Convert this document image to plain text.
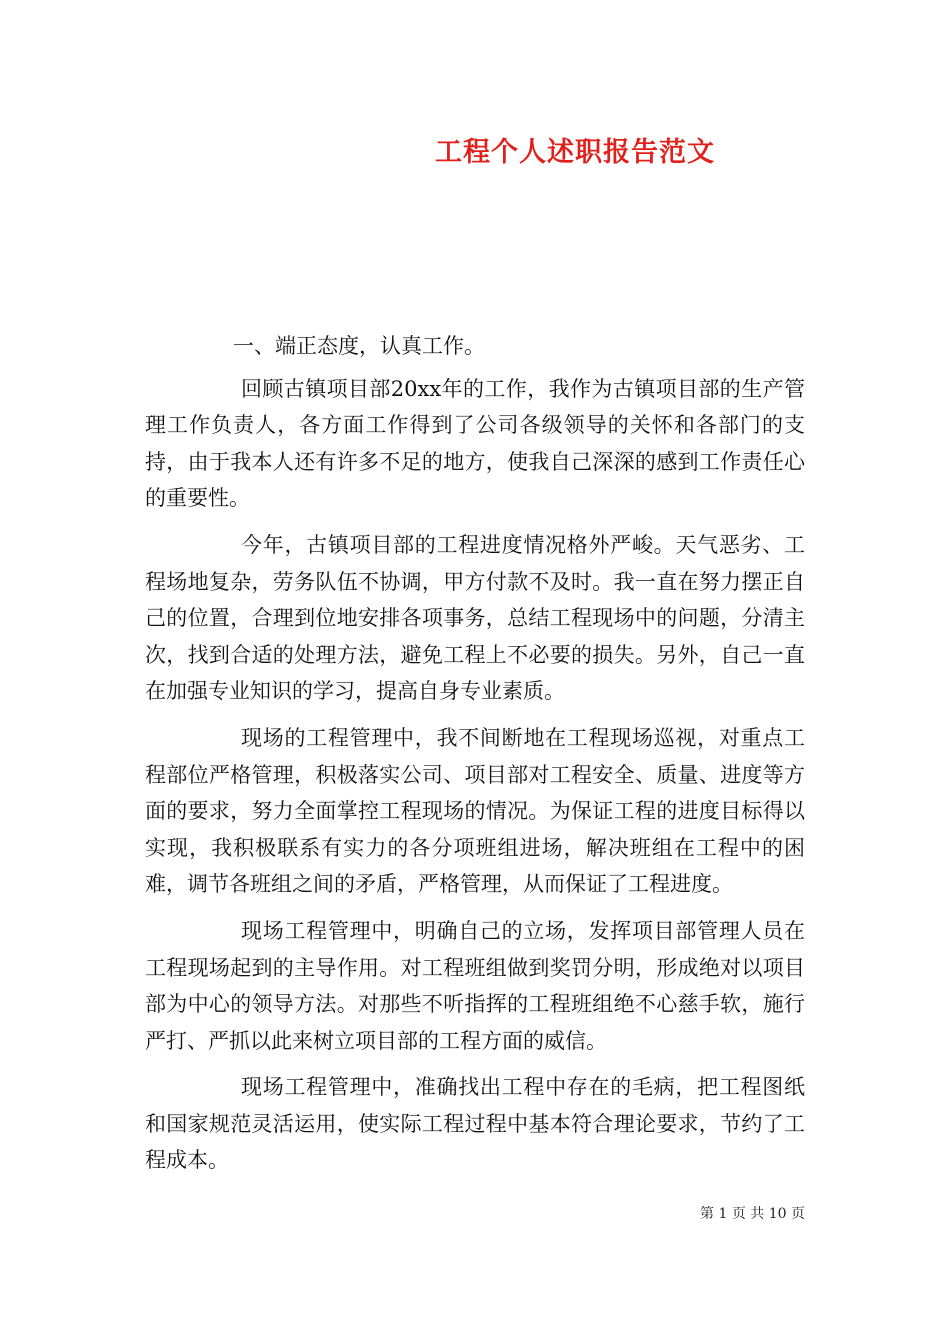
工程个人述职报告范文

一、端正态度，认真工作。

回顾古镇项目部20xx年的工作，我作为古镇项目部的生产管理工作负责人，各方面工作得到了公司各级领导的关怀和各部门的支持，由于我本人还有许多不足的地方，使我自己深深的感到工作责任心的重要性。

今年，古镇项目部的工程进度情况格外严峻。天气恶劣、工程场地复杂，劳务队伍不协调，甲方付款不及时。我一直在努力摆正自己的位置，合理到位地安排各项事务，总结工程现场中的问题，分清主次，找到合适的处理方法，避免工程上不必要的损失。另外，自己一直在加强专业知识的学习，提高自身专业素质。

现场的工程管理中，我不间断地在工程现场巡视，对重点工程部位严格管理，积极落实公司、项目部对工程安全、质量、进度等方面的要求，努力全面掌控工程现场的情况。为保证工程的进度目标得以实现，我积极联系有实力的各分项班组进场，解决班组在工程中的困难，调节各班组之间的矛盾，严格管理，从而保证了工程进度。

现场工程管理中，明确自己的立场，发挥项目部管理人员在工程现场起到的主导作用。对工程班组做到奖罚分明，形成绝对以项目部为中心的领导方法。对那些不听指挥的工程班组绝不心慈手软，施行严打、严抓以此来树立项目部的工程方面的威信。

现场工程管理中，准确找出工程中存在的毛病，把工程图纸和国家规范灵活运用，使实际工程过程中基本符合理论要求，节约了工程成本。

第 1 页 共 10 页
